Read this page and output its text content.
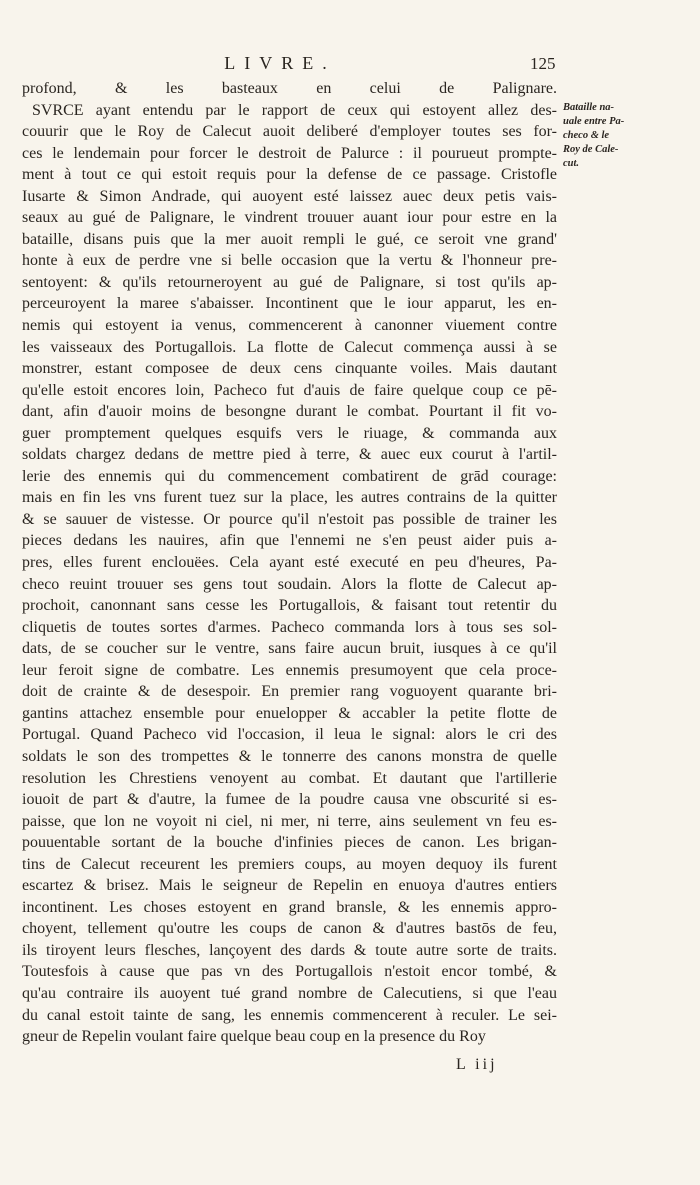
LIVRE.	125
profond, & les basteaux en celui de Palignare.
SVRCE ayant entendu par le rapport de ceux qui estoyent allez des-
couurir que le Roy de Calecut auoit deliberé d'employer toutes ses for-
ces le lendemain pour forcer le destroit de Palurce : il pourueut prompte-
ment à tout ce qui estoit requis pour la defense de ce passage. Cristofle
Iusarte & Simon Andrade, qui auoyent esté laissez auec deux petis vais-
seaux au gué de Palignare, le vindrent trouuer auant iour pour estre en la
bataille, disans puis que la mer auoit rempli le gué, ce seroit vne grand'
honte à eux de perdre vne si belle occasion que la vertu & l'honneur pre-
sentoyent: & qu'ils retourneroyent au gué de Palignare, si tost qu'ils ap-
perceuroyent la maree s'abaisser. Incontinent que le iour apparut, les en-
nemis qui estoyent ia venus, commencerent à canonner viuement contre
les vaisseaux des Portugallois. La flotte de Calecut commença aussi à se
monstrer, estant composee de deux cens cinquante voiles. Mais dautant
qu'elle estoit encores loin, Pacheco fut d'auis de faire quelque coup ce pē-
dant, afin d'auoir moins de besongne durant le combat. Pourtant il fit vo-
guer promptement quelques esquifs vers le riuage, & commanda aux
soldats chargez dedans de mettre pied à terre, & auec eux courut à l'artil-
lerie des ennemis qui du commencement combatirent de grād courage:
mais en fin les vns furent tuez sur la place, les autres contrains de la quitter
& se sauuer de vistesse. Or pource qu'il n'estoit pas possible de trainer les
pieces dedans les nauires, afin que l'ennemi ne s'en peust aider puis a-
pres, elles furent enclouëes. Cela ayant esté executé en peu d'heures, Pa-
checo reuint trouuer ses gens tout soudain. Alors la flotte de Calecut ap-
prochoit, canonnant sans cesse les Portugallois, & faisant tout retentir du
cliquetis de toutes sortes d'armes. Pacheco commanda lors à tous ses sol-
dats, de se coucher sur le ventre, sans faire aucun bruit, iusques à ce qu'il
leur feroit signe de combatre. Les ennemis presumoyent que cela proce-
doit de crainte & de desespoir. En premier rang voguoyent quarante bri-
gantins attachez ensemble pour enuelopper & accabler la petite flotte de
Portugal. Quand Pacheco vid l'occasion, il leua le signal: alors le cri des
soldats le son des trompettes & le tonnerre des canons monstra de quelle
resolution les Chrestiens venoyent au combat. Et dautant que l'artillerie
iouoit de part & d'autre, la fumee de la poudre causa vne obscurité si es-
paisse, que lon ne voyoit ni ciel, ni mer, ni terre, ains seulement vn feu es-
pouuentable sortant de la bouche d'infinies pieces de canon. Les brigan-
tins de Calecut receurent les premiers coups, au moyen dequoy ils furent
escartez & brisez. Mais le seigneur de Repelin en enuoya d'autres entiers
incontinent. Les choses estoyent en grand bransle, & les ennemis appro-
choyent, tellement qu'outre les coups de canon & d'autres bastōs de feu,
ils tiroyent leurs flesches, lançoyent des dards & toute autre sorte de traits.
Toutesfois à cause que pas vn des Portugallois n'estoit encor tombé, &
qu'au contraire ils auoyent tué grand nombre de Calecutiens, si que l'eau
du canal estoit tainte de sang, les ennemis commencerent à reculer. Le sei-
gneur de Repelin voulant faire quelque beau coup en la presence du Roy
Bataille na-
uale entre Pa-
checo & le
Roy de Cale-
cut.
L iij
